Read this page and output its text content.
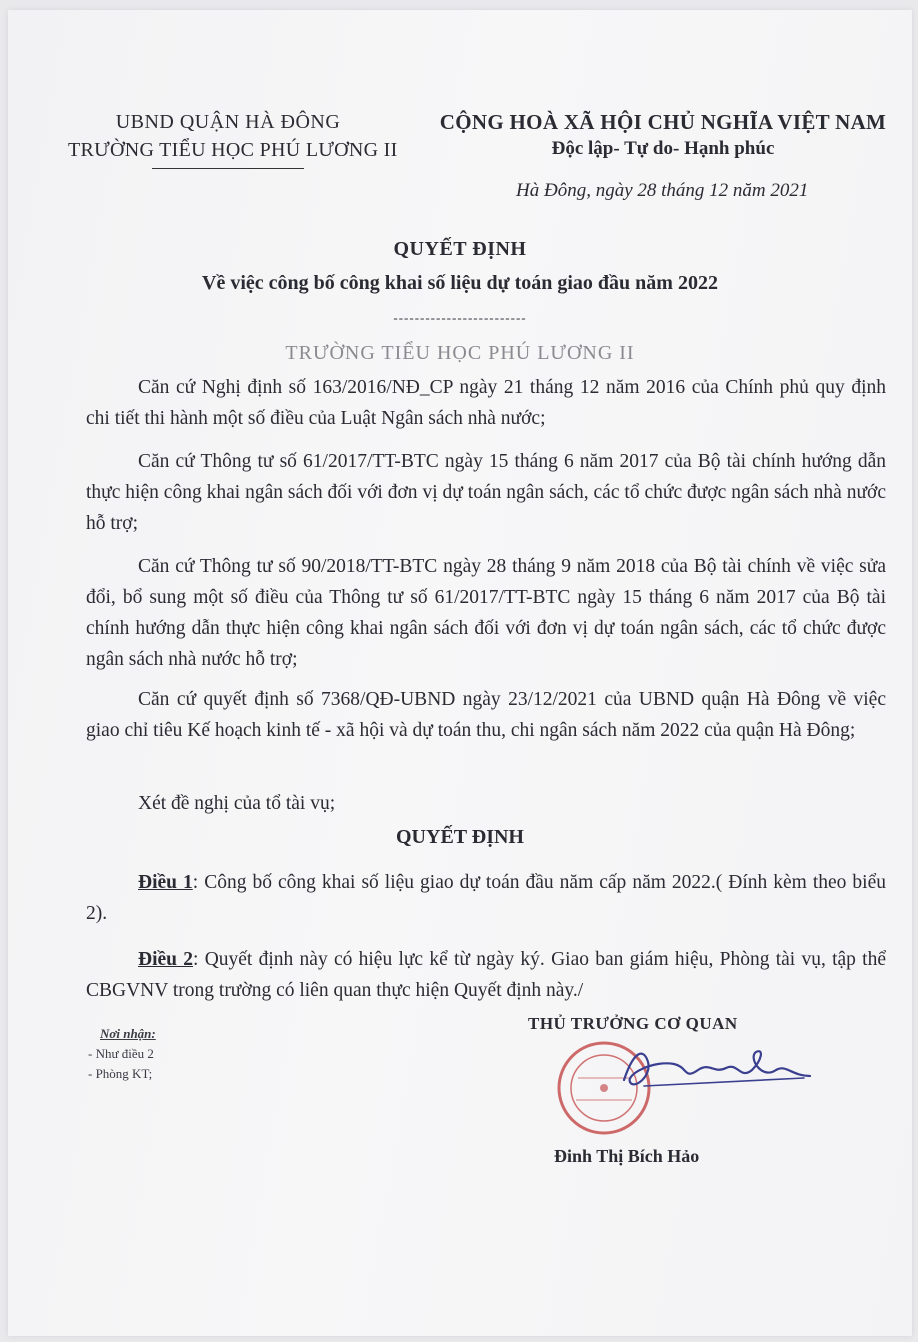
UBND QUẬN HÀ ĐÔNG
TRƯỜNG TIỂU HỌC PHÚ LƯƠNG II
CỘNG HOÀ XÃ HỘI CHỦ NGHĨA VIỆT NAM
Độc lập- Tự do- Hạnh phúc
Hà Đông, ngày 28 tháng 12 năm 2021
QUYẾT ĐỊNH
Về việc công bố công khai số liệu dự toán giao đầu năm 2022
-------------------------
TRƯỜNG TIỂU HỌC PHÚ LƯƠNG II

Căn cứ Nghị định số 163/2016/NĐ_CP ngày 21 tháng 12 năm 2016 của Chính phủ quy định chi tiết thi hành một số điều của Luật Ngân sách nhà nước;

Căn cứ Thông tư số 61/2017/TT-BTC ngày 15 tháng 6 năm 2017 của Bộ tài chính hướng dẫn thực hiện công khai ngân sách đối với đơn vị dự toán ngân sách, các tổ chức được ngân sách nhà nước hỗ trợ;

Căn cứ Thông tư số 90/2018/TT-BTC ngày 28 tháng 9 năm 2018 của Bộ tài chính về việc sửa đổi, bổ sung một số điều của Thông tư số 61/2017/TT-BTC ngày 15 tháng 6 năm 2017 của Bộ tài chính hướng dẫn thực hiện công khai ngân sách đối với đơn vị dự toán ngân sách, các tổ chức được ngân sách nhà nước hỗ trợ;

Căn cứ quyết định số 7368/QĐ-UBND ngày 23/12/2021 của UBND quận Hà Đông về việc giao chỉ tiêu Kế hoạch kinh tế - xã hội và dự toán thu, chi ngân sách năm 2022 của quận Hà Đông;

Xét đề nghị của tổ tài vụ;

QUYẾT ĐỊNH

Điều 1: Công bố công khai số liệu giao dự toán đầu năm cấp năm 2022.( Đính kèm theo biểu 2).

Điều 2: Quyết định này có hiệu lực kể từ ngày ký. Giao ban giám hiệu, Phòng tài vụ, tập thể CBGVNV trong trường có liên quan thực hiện Quyết định này./

Nơi nhận:
- Như điều 2
- Phòng KT;
THỦ TRƯỞNG CƠ QUAN
Đinh Thị Bích Hảo
